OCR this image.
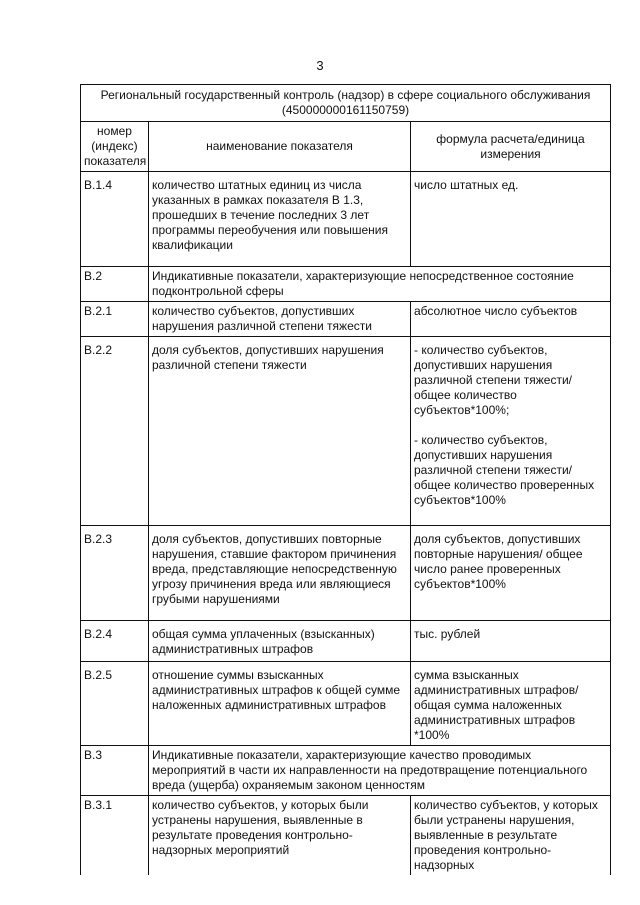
3
Региональный государственный контроль (надзор) в сфере социального обслуживания (450000000161150759)		
номер (индекс) показателя	наименование показателя	формула расчета/единица измерения
B.1.4	количество штатных единиц из числа указанных в рамках показателя В 1.3, прошедших в течение последних 3 лет программы переобучения или повышения квалификации	число штатных ед.
B.2	Индикативные показатели, характеризующие непосредственное состояние подконтрольной сферы	
B.2.1	количество субъектов, допустивших нарушения различной степени тяжести	абсолютное число субъектов
B.2.2	доля субъектов, допустивших нарушения различной степени тяжести	- количество субъектов, допустивших нарушения различной степени тяжести/общее количество субъектов*100%;

- количество субъектов, допустивших нарушения различной степени тяжести/общее количество проверенных субъектов*100%
B.2.3	доля субъектов, допустивших повторные нарушения, ставшие фактором причинения вреда, представляющие непосредственную угрозу причинения вреда или являющиеся грубыми нарушениями	доля субъектов, допустивших повторные нарушения/ общее число ранее проверенных субъектов*100%
B.2.4	общая сумма уплаченных (взысканных) административных штрафов	тыс. рублей
B.2.5	отношение суммы взысканных административных штрафов к общей сумме наложенных административных штрафов	сумма взысканных административных штрафов/ общая сумма наложенных административных штрафов *100%
B.3	Индикативные показатели, характеризующие качество проводимых мероприятий в части их направленности на предотвращение потенциального вреда (ущерба) охраняемым законом ценностям	
B.3.1	количество субъектов, у которых были устранены нарушения, выявленные в результате проведения контрольно-надзорных мероприятий	количество субъектов, у которых были устранены нарушения, выявленные в результате проведения контрольно-надзорных
